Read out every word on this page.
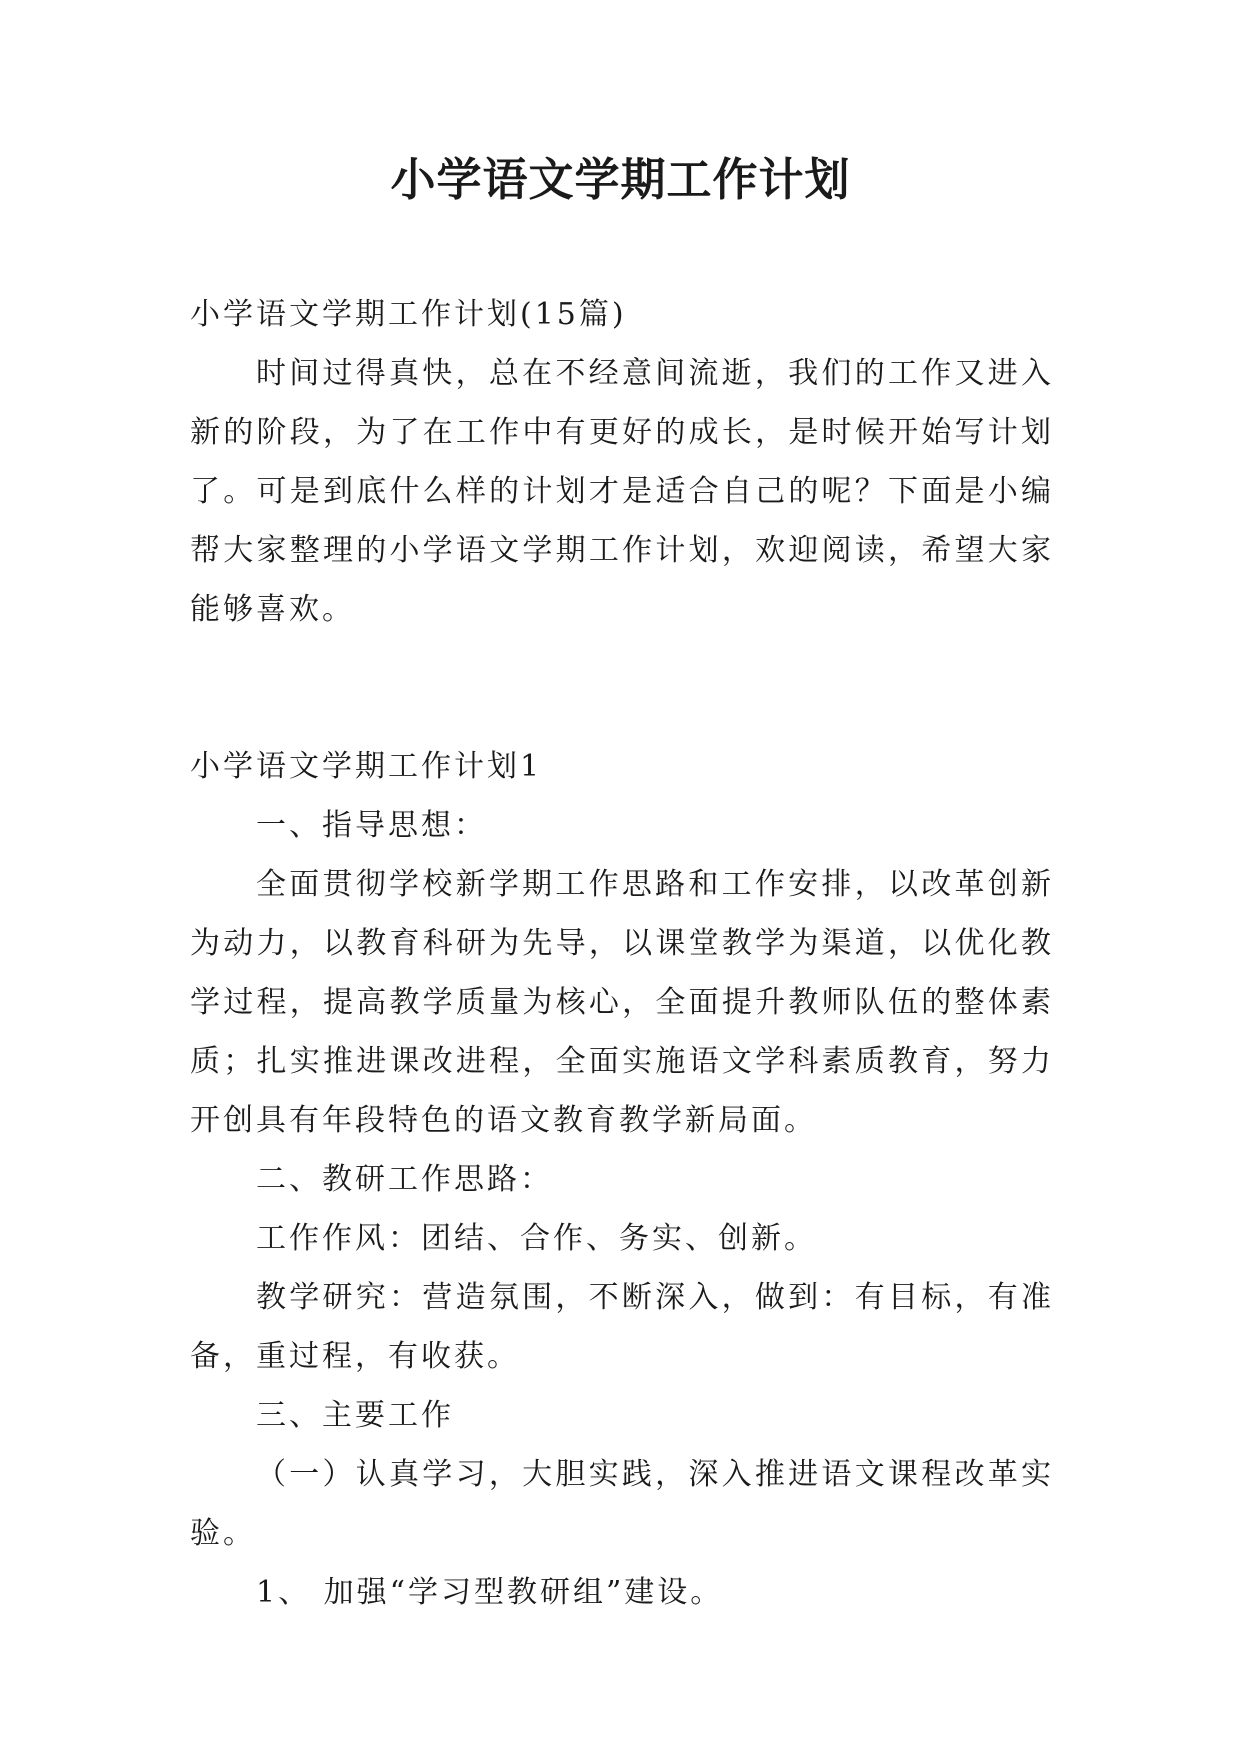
小学语文学期工作计划

小学语文学期工作计划(15篇)

时间过得真快，总在不经意间流逝，我们的工作又进入新的阶段，为了在工作中有更好的成长，是时候开始写计划了。可是到底什么样的计划才是适合自己的呢？下面是小编帮大家整理的小学语文学期工作计划，欢迎阅读，希望大家能够喜欢。

小学语文学期工作计划1

一、指导思想：

全面贯彻学校新学期工作思路和工作安排，以改革创新为动力，以教育科研为先导，以课堂教学为渠道，以优化教学过程，提高教学质量为核心，全面提升教师队伍的整体素质；扎实推进课改进程，全面实施语文学科素质教育，努力开创具有年段特色的语文教育教学新局面。

二、教研工作思路：

工作作风：团结、合作、务实、创新。

教学研究：营造氛围，不断深入，做到：有目标，有准备，重过程，有收获。

三、主要工作

（一）认真学习，大胆实践，深入推进语文课程改革实验。

1、 加强“学习型教研组”建设。
